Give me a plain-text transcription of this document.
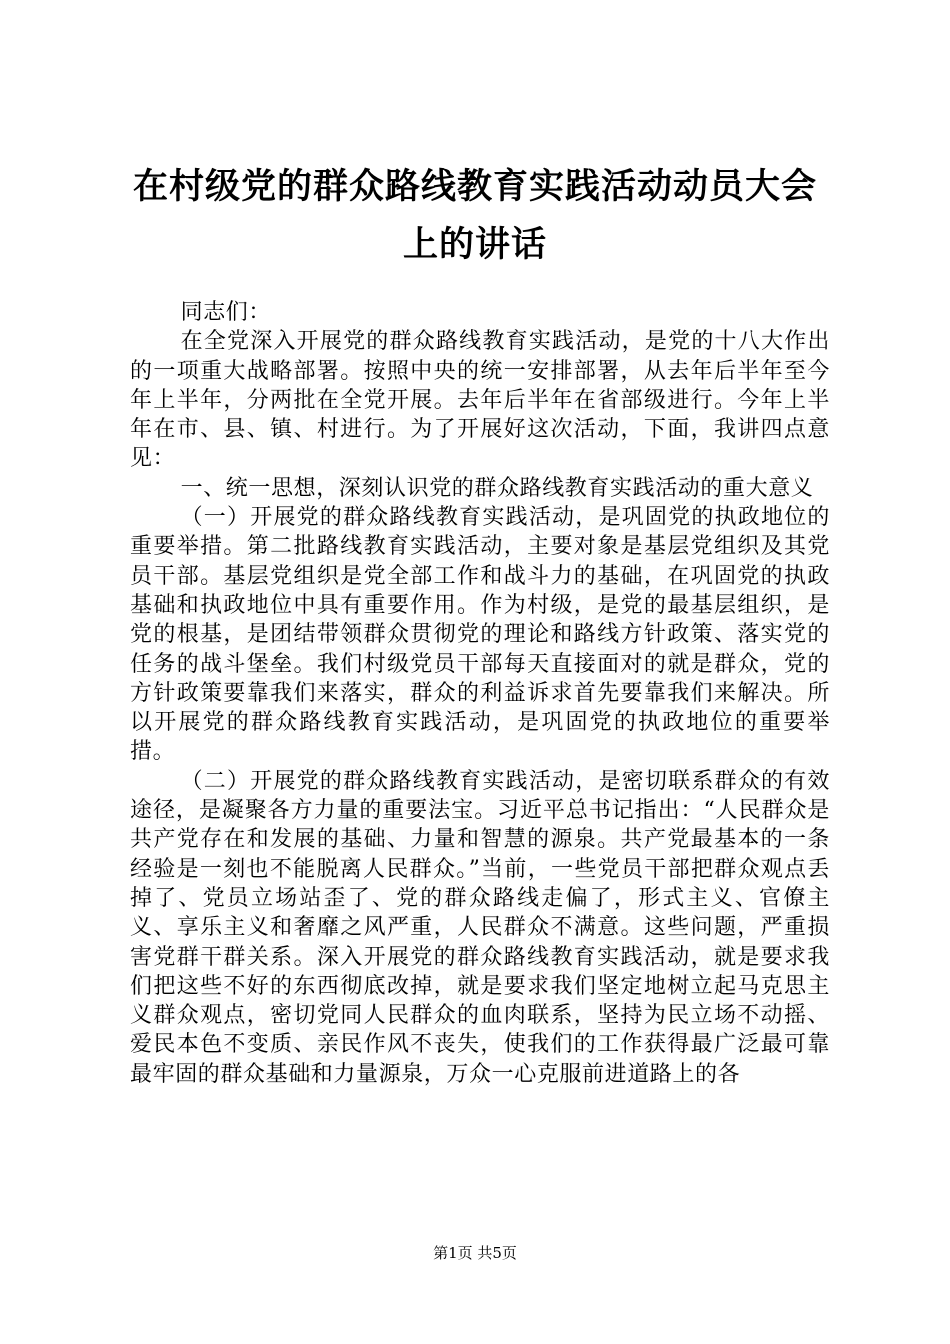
在村级党的群众路线教育实践活动动员大会上的讲话

同志们：

在全党深入开展党的群众路线教育实践活动，是党的十八大作出的一项重大战略部署。按照中央的统一安排部署，从去年后半年至今年上半年，分两批在全党开展。去年后半年在省部级进行。今年上半年在市、县、镇、村进行。为了开展好这次活动，下面，我讲四点意见：

一、统一思想，深刻认识党的群众路线教育实践活动的重大意义

（一）开展党的群众路线教育实践活动，是巩固党的执政地位的重要举措。第二批路线教育实践活动，主要对象是基层党组织及其党员干部。基层党组织是党全部工作和战斗力的基础，在巩固党的执政基础和执政地位中具有重要作用。作为村级，是党的最基层组织，是党的根基，是团结带领群众贯彻党的理论和路线方针政策、落实党的任务的战斗堡垒。我们村级党员干部每天直接面对的就是群众，党的方针政策要靠我们来落实，群众的利益诉求首先要靠我们来解决。所以开展党的群众路线教育实践活动，是巩固党的执政地位的重要举措。

（二）开展党的群众路线教育实践活动，是密切联系群众的有效途径，是凝聚各方力量的重要法宝。习近平总书记指出：“人民群众是共产党存在和发展的基础、力量和智慧的源泉。共产党最基本的一条经验是一刻也不能脱离人民群众。”当前，一些党员干部把群众观点丢掉了、党员立场站歪了、党的群众路线走偏了，形式主义、官僚主义、享乐主义和奢靡之风严重，人民群众不满意。这些问题，严重损害党群干群关系。深入开展党的群众路线教育实践活动，就是要求我们把这些不好的东西彻底改掉，就是要求我们坚定地树立起马克思主义群众观点，密切党同人民群众的血肉联系，坚持为民立场不动摇、爱民本色不变质、亲民作风不丧失，使我们的工作获得最广泛最可靠最牢固的群众基础和力量源泉，万众一心克服前进道路上的各

第1页 共5页
